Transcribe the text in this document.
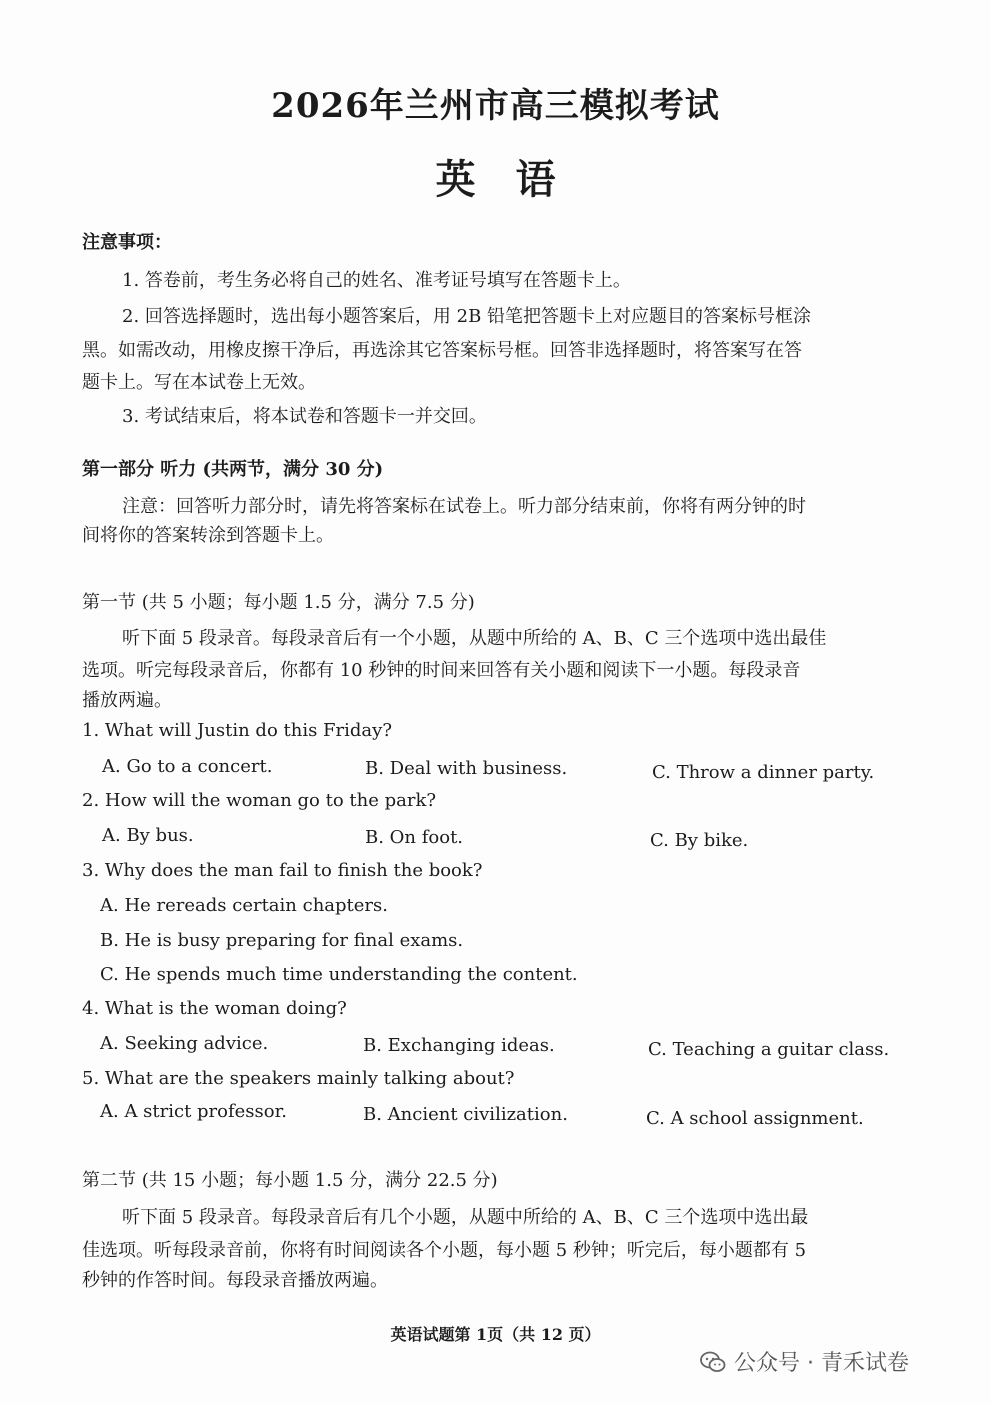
2026年兰州市高三模拟考试
英语
注意事项：
1. 答卷前，考生务必将自己的姓名、准考证号填写在答题卡上。
2. 回答选择题时，选出每小题答案后，用 2B 铅笔把答题卡上对应题目的答案标号框涂
黑。如需改动，用橡皮擦干净后，再选涂其它答案标号框。回答非选择题时，将答案写在答
题卡上。写在本试卷上无效。
3. 考试结束后，将本试卷和答题卡一并交回。
第一部分 听力 (共两节，满分 30 分)
注意：回答听力部分时，请先将答案标在试卷上。听力部分结束前，你将有两分钟的时
间将你的答案转涂到答题卡上。
第一节 (共 5 小题；每小题 1.5 分，满分 7.5 分)
听下面 5 段录音。每段录音后有一个小题，从题中所给的 A、B、C 三个选项中选出最佳
选项。听完每段录音后，你都有 10 秒钟的时间来回答有关小题和阅读下一小题。每段录音
播放两遍。
1. What will Justin do this Friday?
A. Go to a concert.	B. Deal with business.	C. Throw a dinner party.
2. How will the woman go to the park?
A. By bus.	B. On foot.	C. By bike.
3. Why does the man fail to finish the book?
A. He rereads certain chapters.
B. He is busy preparing for final exams.
C. He spends much time understanding the content.
4. What is the woman doing?
A. Seeking advice.	B. Exchanging ideas.	C. Teaching a guitar class.
5. What are the speakers mainly talking about?
A. A strict professor.	B. Ancient civilization.	C. A school assignment.
第二节 (共 15 小题；每小题 1.5 分，满分 22.5 分)
听下面 5 段录音。每段录音后有几个小题，从题中所给的 A、B、C 三个选项中选出最
佳选项。听每段录音前，你将有时间阅读各个小题，每小题 5 秒钟；听完后，每小题都有 5
秒钟的作答时间。每段录音播放两遍。
英语试题第 1页（共 12 页）
公众号 · 青禾试卷
